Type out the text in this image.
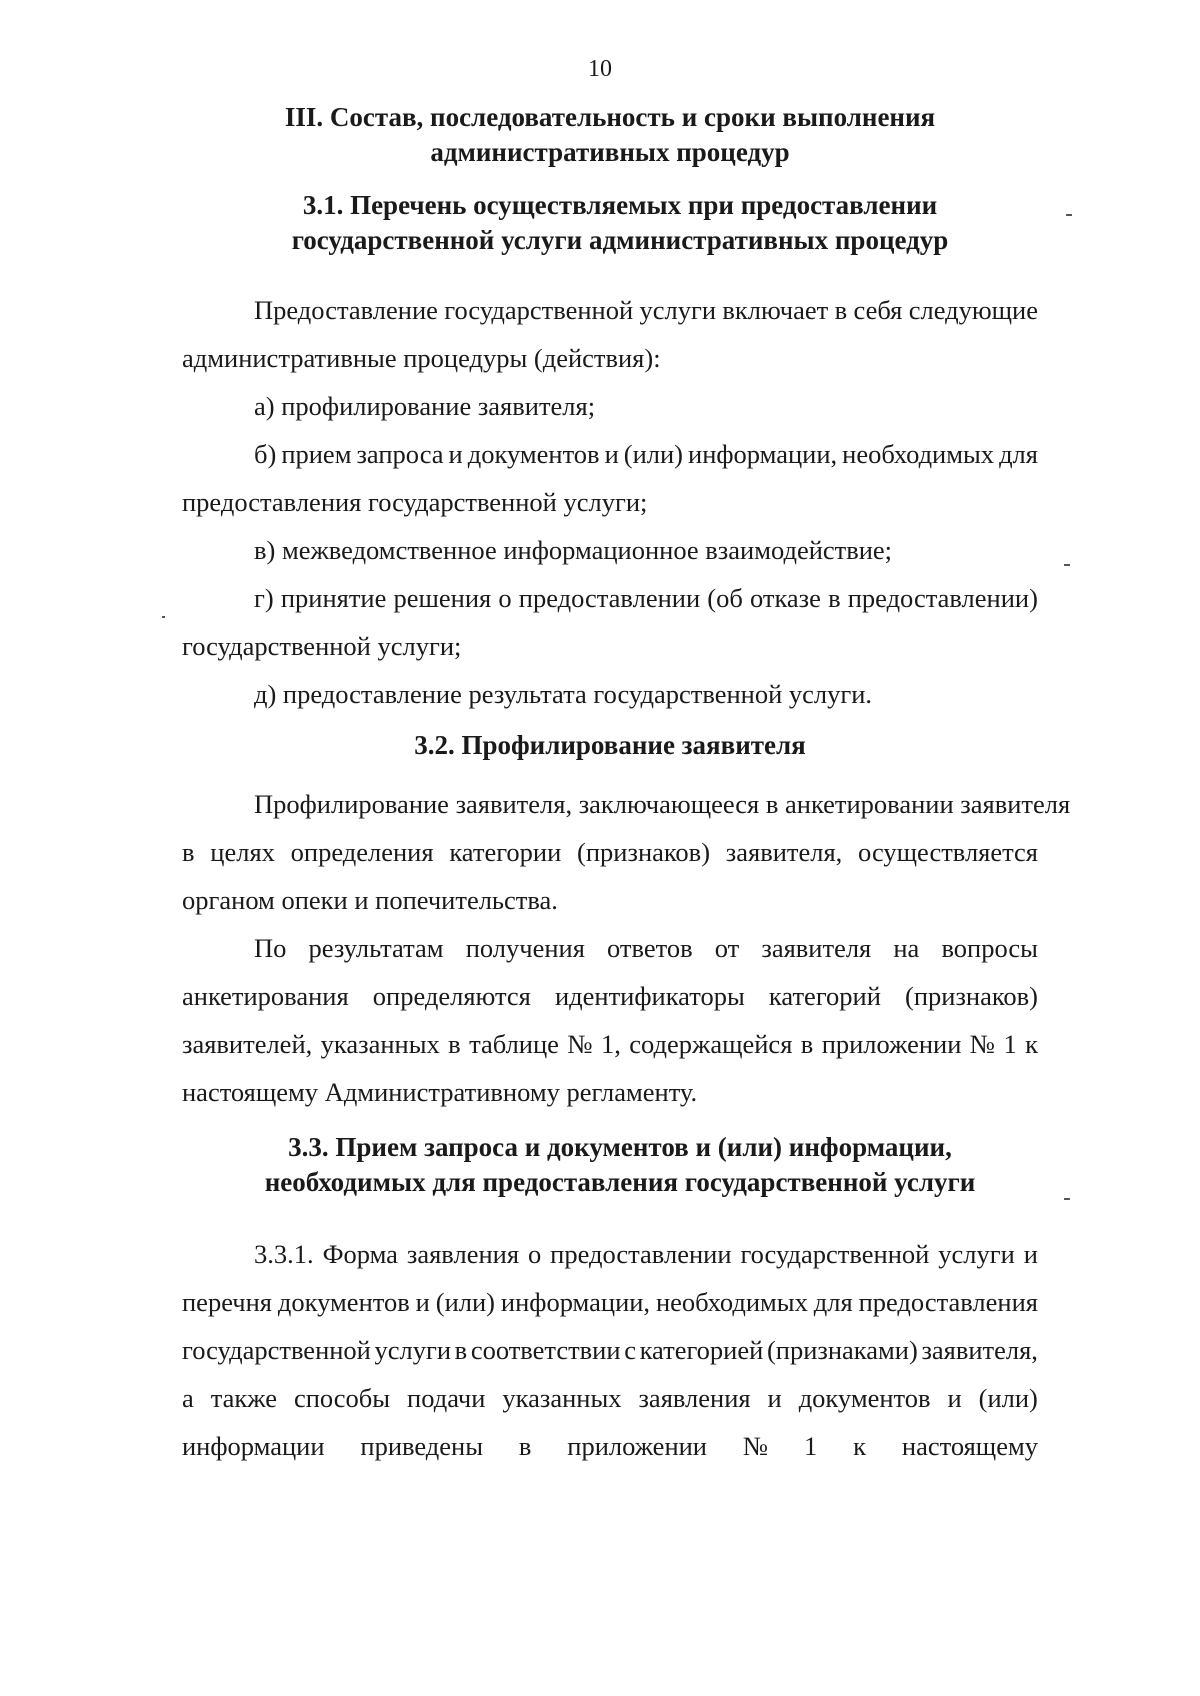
10
III. Состав, последовательность и сроки выполнения
административных процедур
3.1. Перечень осуществляемых при предоставлении
государственной услуги административных процедур
Предоставление государственной услуги включает в себя следующие
административные процедуры (действия):
а) профилирование заявителя;
б) прием запроса и документов и (или) информации, необходимых для
предоставления государственной услуги;
в) межведомственное информационное взаимодействие;
г) принятие решения о предоставлении (об отказе в предоставлении)
государственной услуги;
д) предоставление результата государственной услуги.
3.2. Профилирование заявителя
Профилирование заявителя, заключающееся в анкетировании заявителя
в целях определения категории (признаков) заявителя, осуществляется
органом опеки и попечительства.
По результатам получения ответов от заявителя на вопросы
анкетирования определяются идентификаторы категорий (признаков)
заявителей, указанных в таблице № 1, содержащейся в приложении № 1 к
настоящему Административному регламенту.
3.3. Прием запроса и документов и (или) информации,
необходимых для предоставления государственной услуги
3.3.1. Форма заявления о предоставлении государственной услуги и
перечня документов и (или) информации, необходимых для предоставления
государственной услуги в соответствии с категорией (признаками) заявителя,
а также способы подачи указанных заявления и документов и (или)
информации приведены в приложении № 1 к настоящему
